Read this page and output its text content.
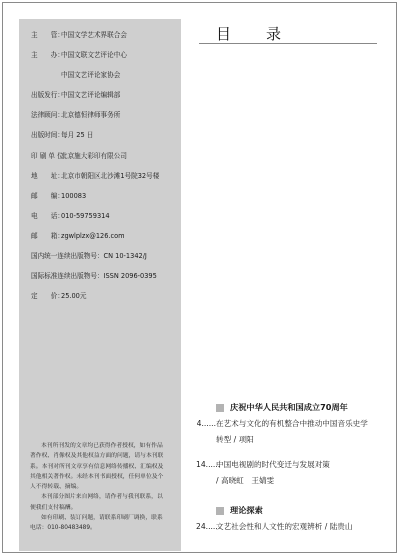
主　　管：
中国文学艺术界联合会
主　　办：
中国文联文艺评论中心
中国文艺评论家协会
出版发行：
中国文艺评论编辑部
法律顾问：
北京德恒律师事务所
出版时间：
每月 25 日
印 刷 单 位：
北京施大彩印有限公司
地　　址：
北京市朝阳区北沙滩1号院32号楼
邮　　编：
100083
电　　话：
010-59759314
邮　　箱：
zgwlplzx@126.com
国内统一连续出版物号： CN 10-1342/J
国际标准连续出版物号： ISSN 2096-0395
定　　价：
25.00元

本刊所刊发的文章均已获得作者授权，如有作品著作权、肖像权及其他权益方面的问题，请与本刊联系。本刊对所刊文章享有信息网络传播权、汇编权及其他相关著作权。未经本刊书面授权，任何单位及个人不得转载、摘编。

本刊部分图片来自网络，请作者与我刊联系，以便我们支付稿酬。

如有印刷、装订问题，请联系印刷厂调换，联系电话：010-80483489。

目　录
庆祝中华人民共和国成立70周年
4...... 在艺术与文化的有机整合中推动中国音乐史学
转型 / 项阳
14......
中国电视剧的时代变迁与发展对策
/ 高晓虹　王婧雯
理论探索
24......
文艺社会性和人文性的宏观辨析 / 陆贵山
